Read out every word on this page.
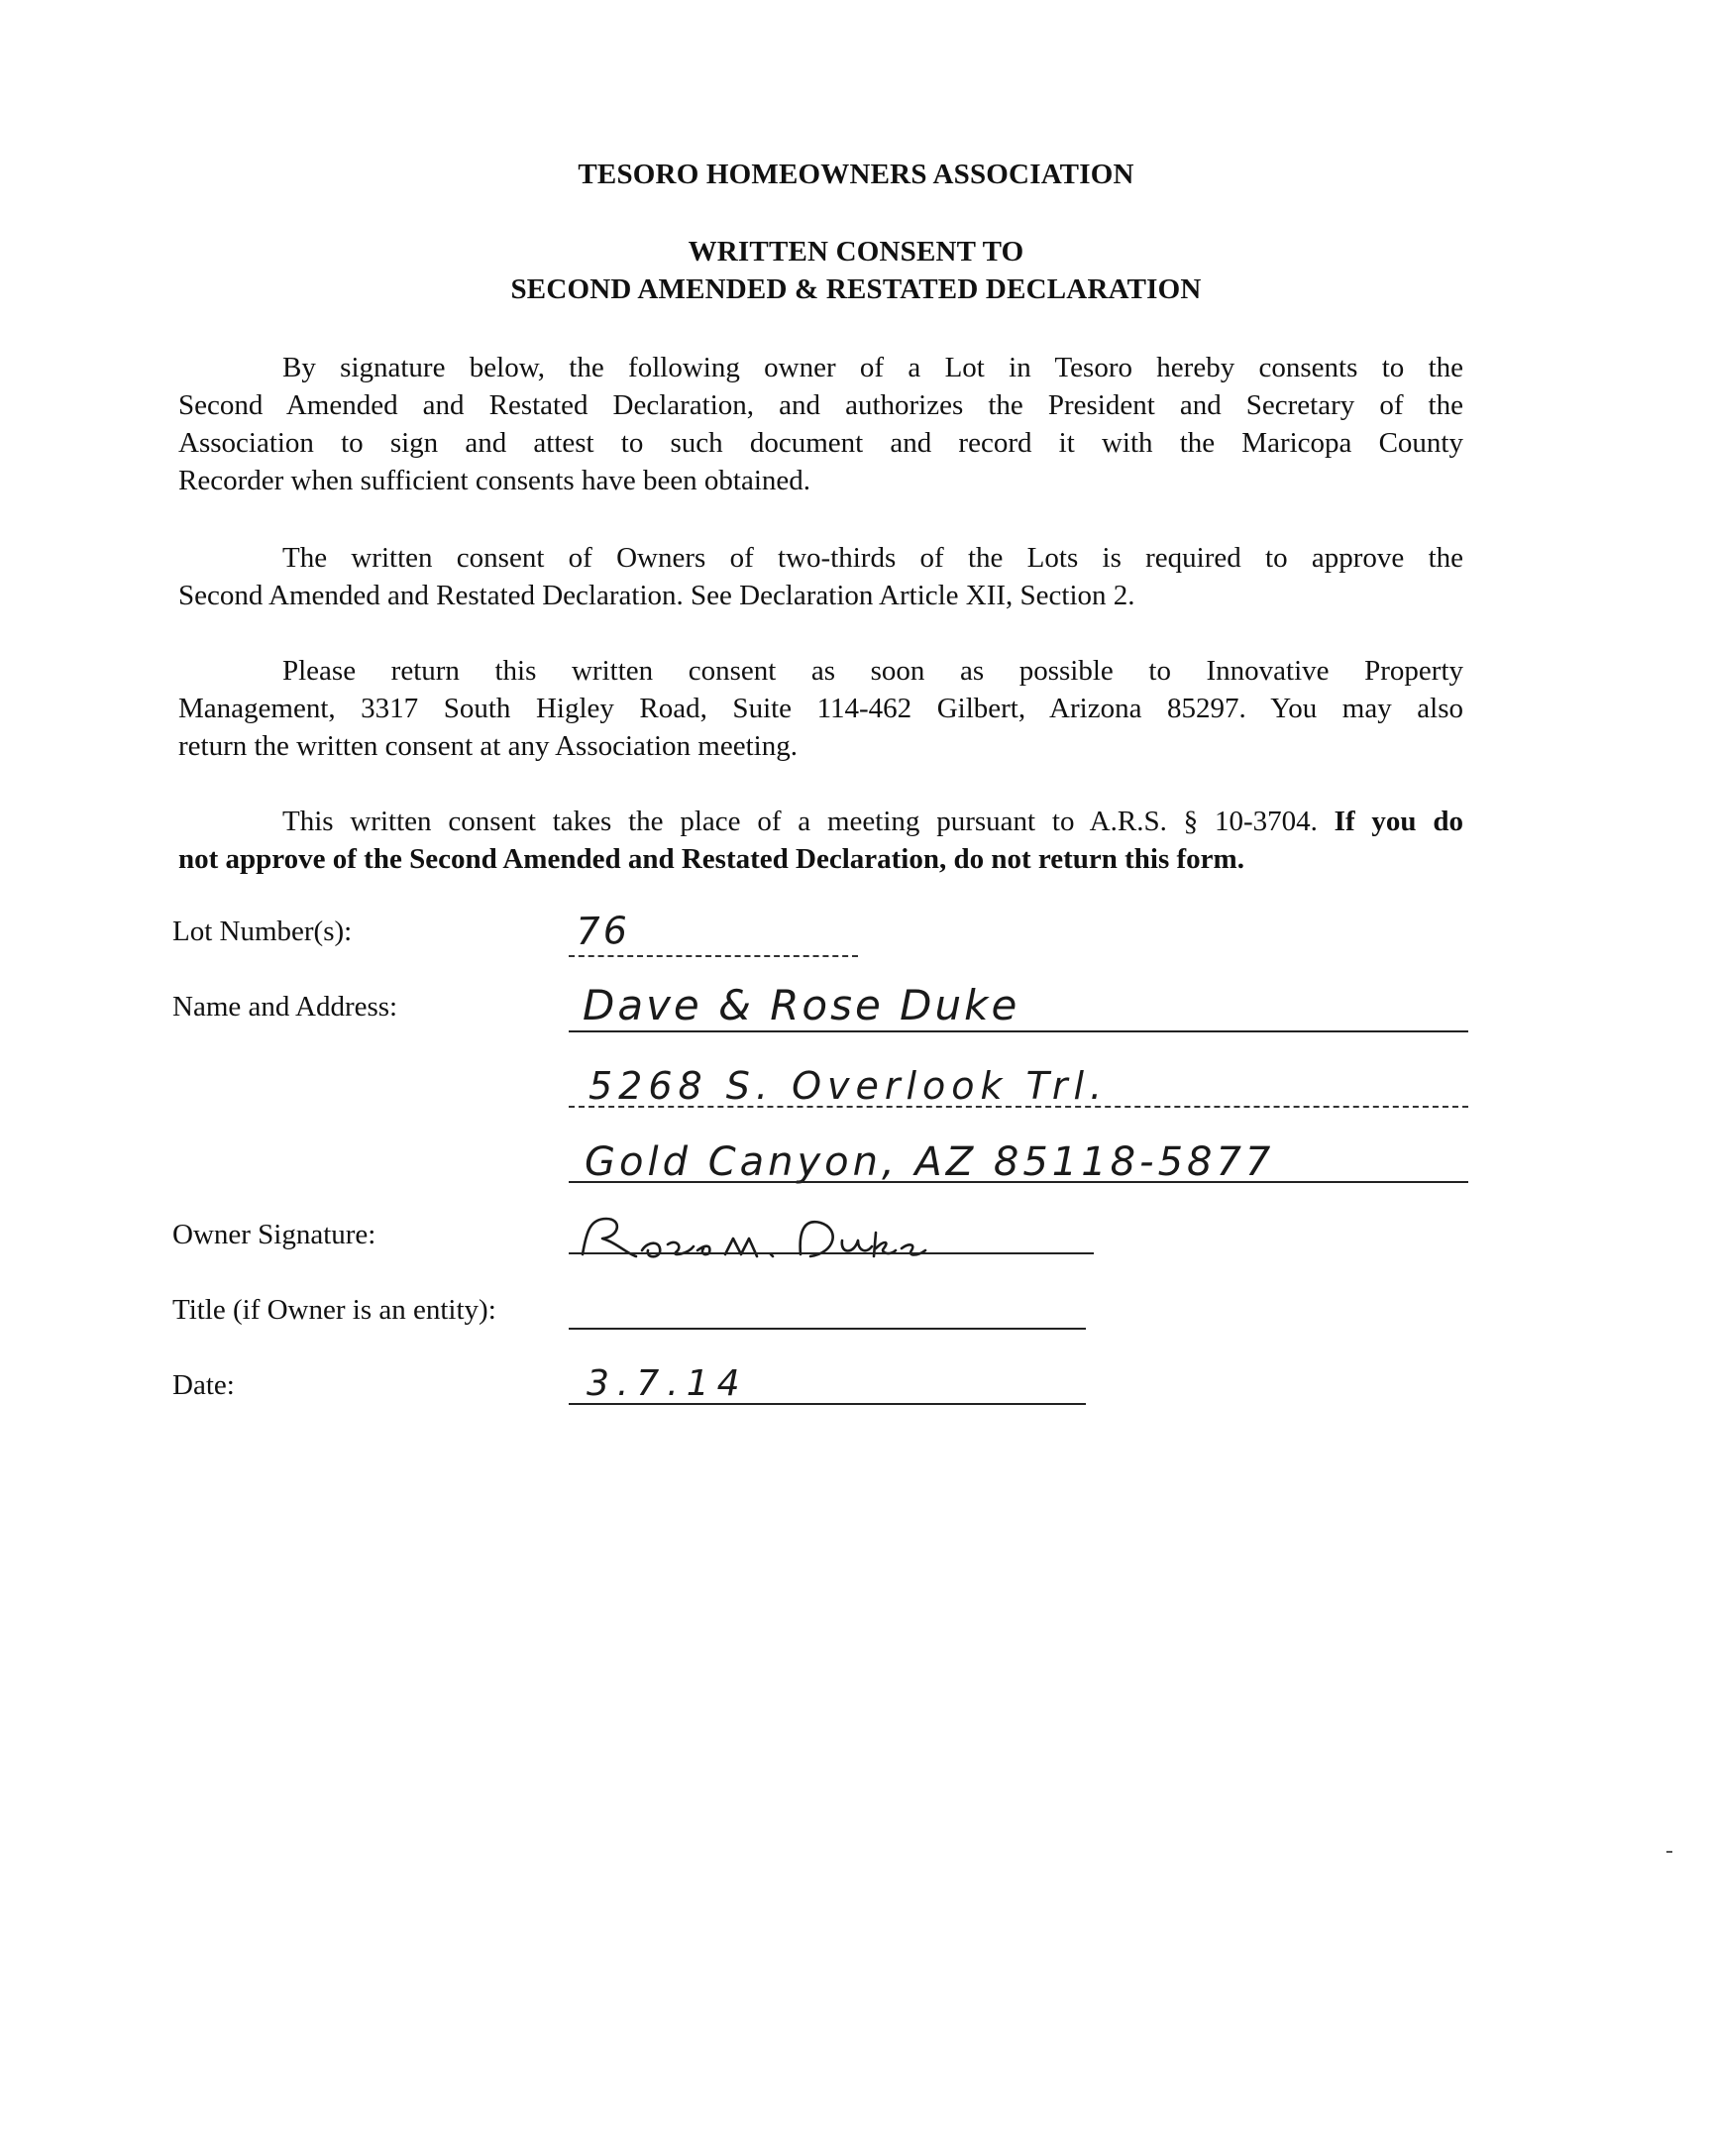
TESORO HOMEOWNERS ASSOCIATION
WRITTEN CONSENT TO
SECOND AMENDED & RESTATED DECLARATION
By signature below, the following owner of a Lot in Tesoro hereby consents to the
Second Amended and Restated Declaration, and authorizes the President and Secretary of the
Association to sign and attest to such document and record it with the Maricopa County
Recorder when sufficient consents have been obtained.
The written consent of Owners of two-thirds of the Lots is required to approve the
Second Amended and Restated Declaration. See Declaration Article XII, Section 2.
Please return this written consent as soon as possible to Innovative Property
Management, 3317 South Higley Road, Suite 114-462 Gilbert, Arizona 85297. You may also
return the written consent at any Association meeting.
This written consent takes the place of a meeting pursuant to A.R.S. § 10-3704. If you do
not approve of the Second Amended and Restated Declaration, do not return this form.
Lot Number(s):	76
Name and Address:	Dave & Rose Duke
5268 S. Overlook Trl.
Gold Canyon, AZ 85118-5877
Owner Signature:
Title (if Owner is an entity):
Date:	3.7.14
